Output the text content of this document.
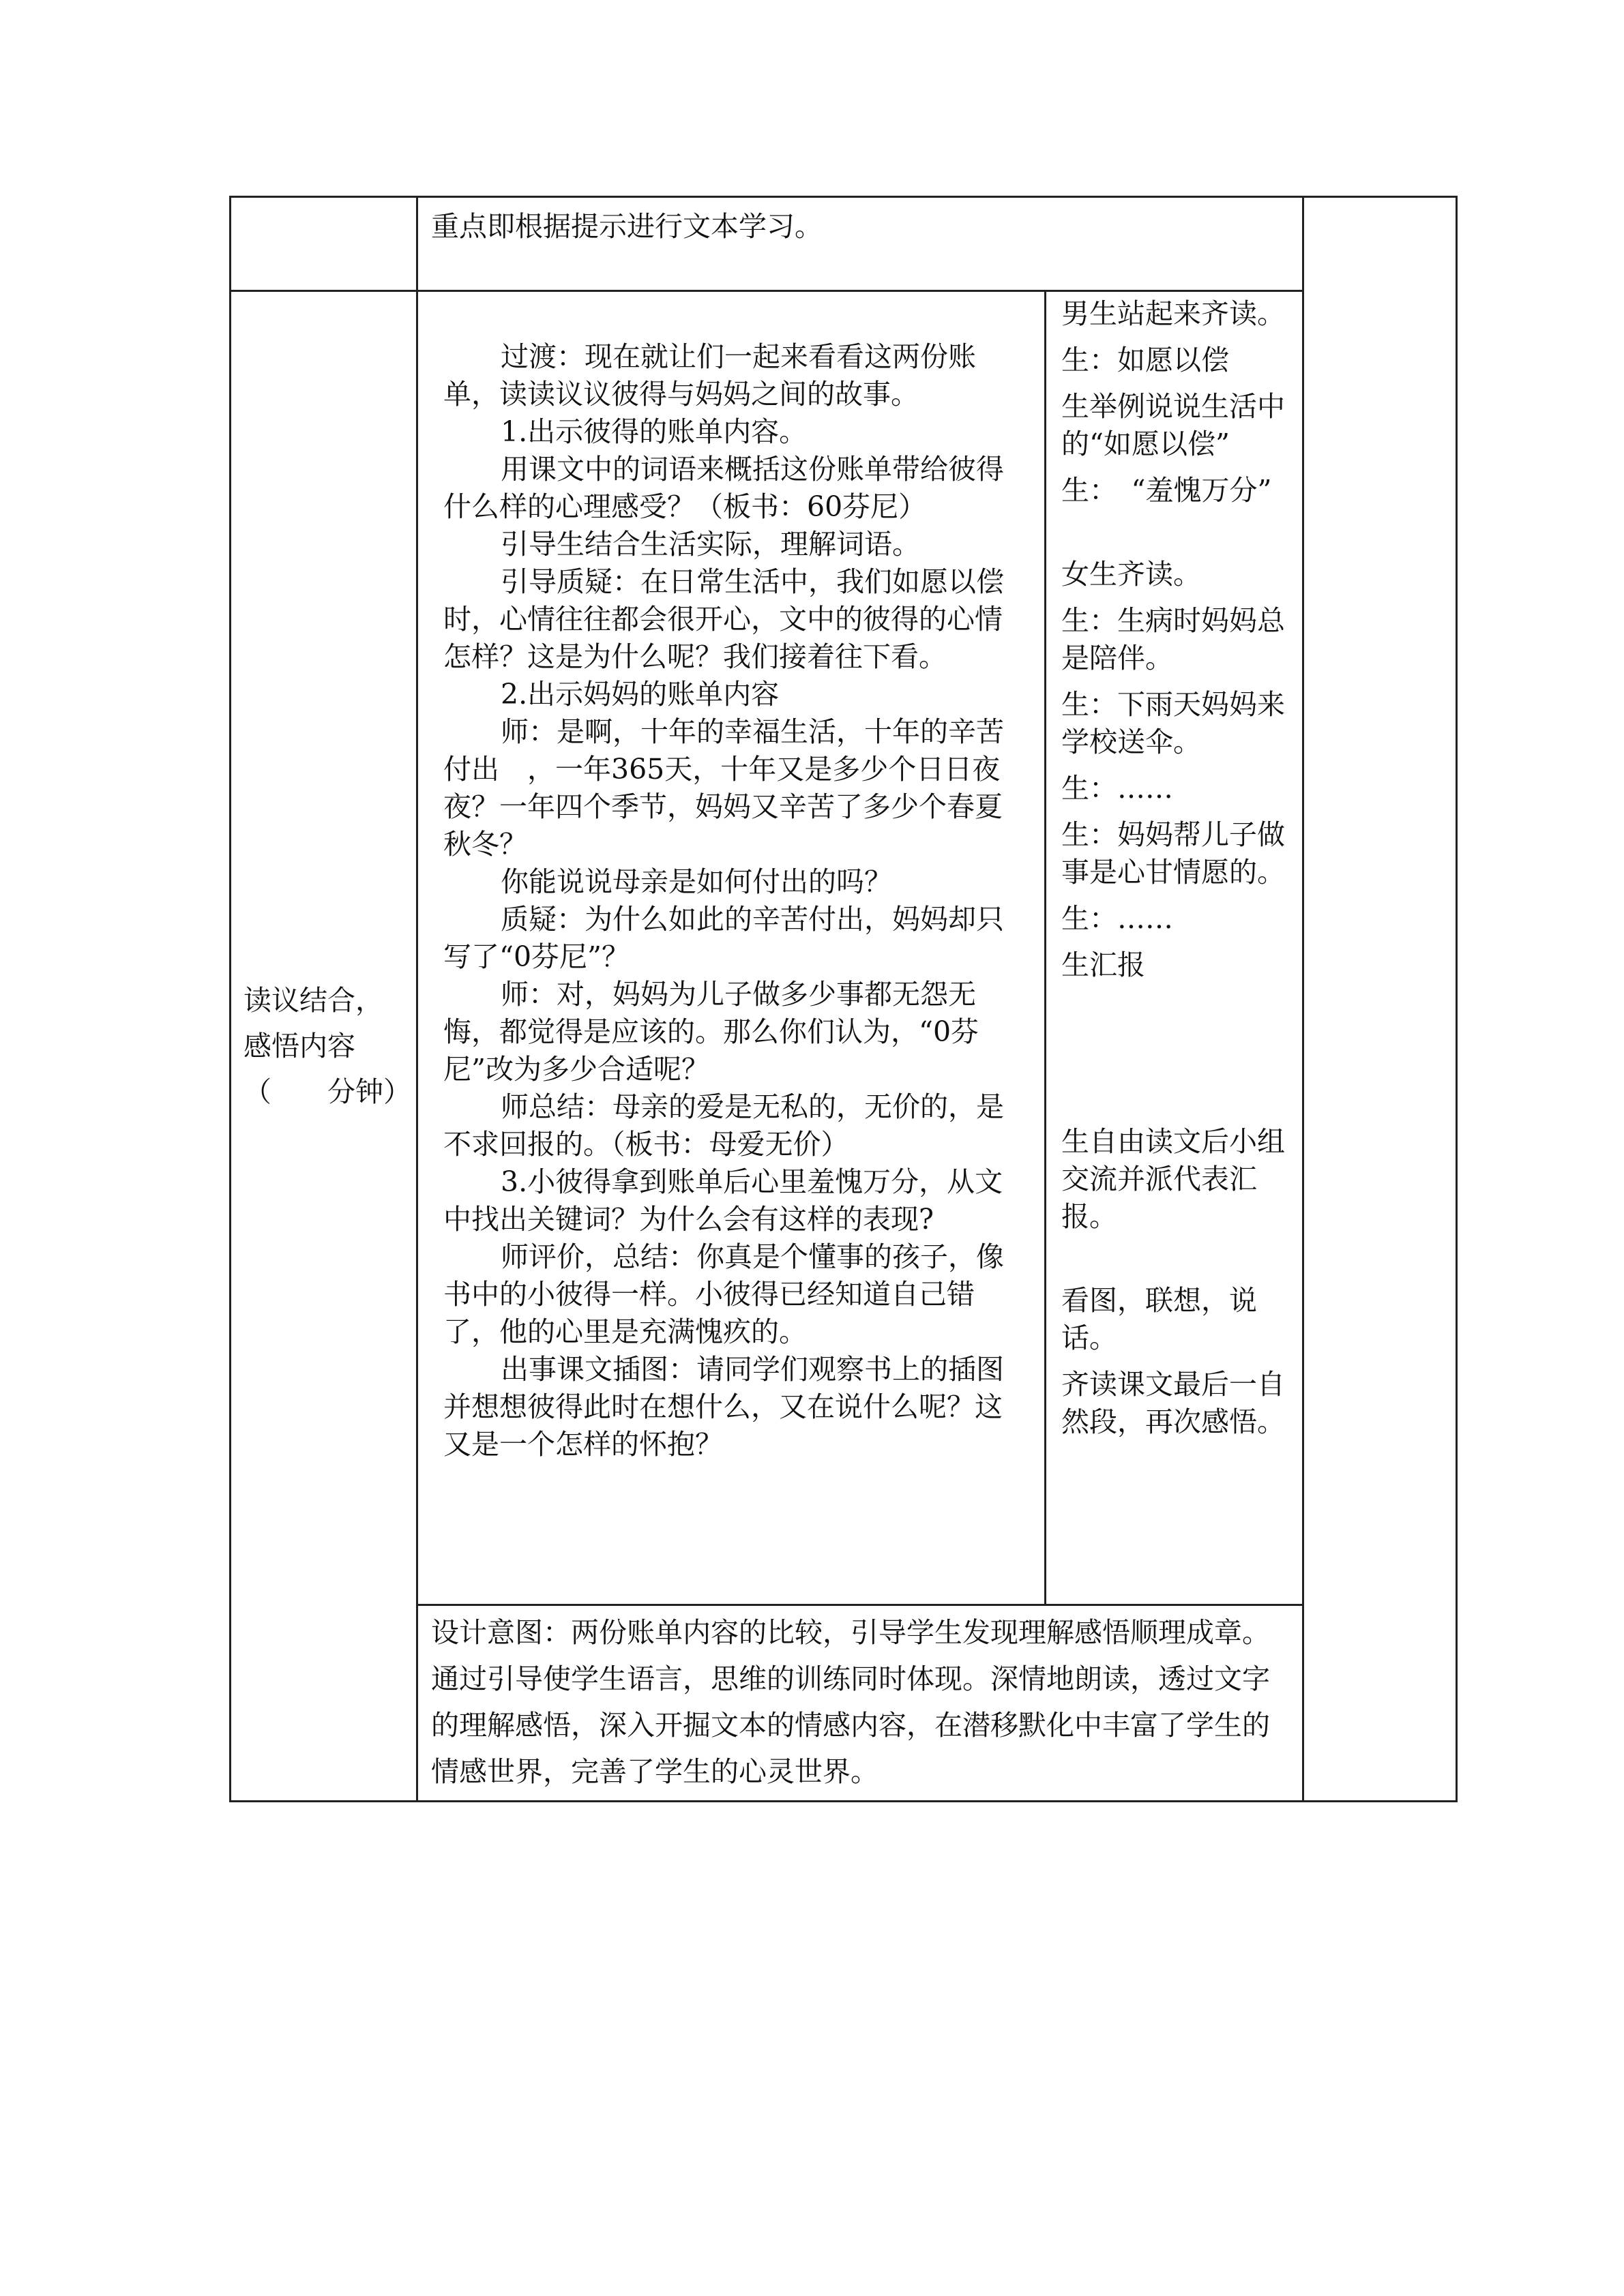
重点即根据提示进行文本学习。

读议结合，

感悟内容

（　　分钟）

过渡：现在就让们一起来看看这两份账单，读读议议彼得与妈妈之间的故事。

1.出示彼得的账单内容。

用课文中的词语来概括这份账单带给彼得什么样的心理感受？（板书：60芬尼）

引导生结合生活实际，理解词语。

引导质疑：在日常生活中，我们如愿以偿时，心情往往都会很开心，文中的彼得的心情怎样？这是为什么呢？我们接着往下看。

2.出示妈妈的账单内容

师：是啊，十年的幸福生活，十年的辛苦付出　，一年365天，十年又是多少个日日夜夜？一年四个季节，妈妈又辛苦了多少个春夏秋冬？

你能说说母亲是如何付出的吗？

质疑：为什么如此的辛苦付出，妈妈却只写了“0芬尼”？

师：对，妈妈为儿子做多少事都无怨无悔，都觉得是应该的。那么你们认为，“0芬尼”改为多少合适呢？

师总结：母亲的爱是无私的，无价的，是不求回报的。（板书：母爱无价）

3.小彼得拿到账单后心里羞愧万分，从文中找出关键词？为什么会有这样的表现?

师评价，总结：你真是个懂事的孩子，像书中的小彼得一样。小彼得已经知道自己错了，他的心里是充满愧疚的。

出事课文插图：请同学们观察书上的插图并想想彼得此时在想什么，又在说什么呢？这又是一个怎样的怀抱？

男生站起来齐读。

生：如愿以偿

生举例说说生活中的“如愿以偿”

生：　“羞愧万分”

女生齐读。

生：生病时妈妈总是陪伴。

生：下雨天妈妈来学校送伞。

生：……

生：妈妈帮儿子做事是心甘情愿的。

生：……

生汇报

生自由读文后小组交流并派代表汇报。

看图，联想，说话。

齐读课文最后一自然段，再次感悟。

设计意图：两份账单内容的比较，引导学生发现理解感悟顺理成章。通过引导使学生语言，思维的训练同时体现。深情地朗读，透过文字的理解感悟，深入开掘文本的情感内容，在潜移默化中丰富了学生的情感世界，完善了学生的心灵世界。
